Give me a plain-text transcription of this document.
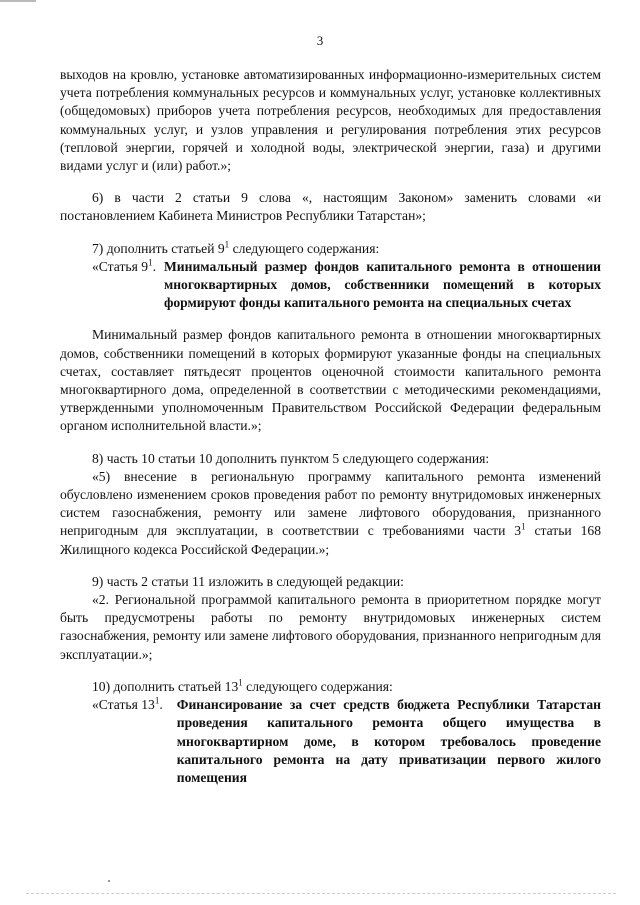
3

выходов на кровлю, установке автоматизированных информационно-измерительных систем учета потребления коммунальных ресурсов и коммунальных услуг, установке коллективных (общедомовых) приборов учета потребления ресурсов, необходимых для предоставления коммунальных услуг, и узлов управления и регулирования потребления этих ресурсов (тепловой энергии, горячей и холодной воды, электрической энергии, газа) и другими видами услуг и (или) работ.»;

6) в части 2 статьи 9 слова «, настоящим Законом» заменить словами «и постановлением Кабинета Министров Республики Татарстан»;

7) дополнить статьей $9^1$ следующего содержания:

«Статья $9^1$. Минимальный размер фондов капитального ремонта в отношении многоквартирных домов, собственники помещений в которых формируют фонды капитального ремонта на специальных счетах

Минимальный размер фондов капитального ремонта в отношении многоквартирных домов, собственники помещений в которых формируют указанные фонды на специальных счетах, составляет пятьдесят процентов оценочной стоимости капитального ремонта многоквартирного дома, определенной в соответствии с методическими рекомендациями, утвержденными уполномоченным Правительством Российской Федерации федеральным органом исполнительной власти.»;

8) часть 10 статьи 10 дополнить пунктом 5 следующего содержания:

«5) внесение в региональную программу капитального ремонта изменений обусловлено изменением сроков проведения работ по ремонту внутридомовых инженерных систем газоснабжения, ремонту или замене лифтового оборудования, признанного непригодным для эксплуатации, в соответствии с требованиями части $3^1$ статьи 168 Жилищного кодекса Российской Федерации.»;

9) часть 2 статьи 11 изложить в следующей редакции:

«2. Региональной программой капитального ремонта в приоритетном порядке могут быть предусмотрены работы по ремонту внутридомовых инженерных систем газоснабжения, ремонту или замене лифтового оборудования, признанного непригодным для эксплуатации.»;

10) дополнить статьей $13^1$ следующего содержания:

«Статья $13^1$.	Финансирование за счет средств бюджета Республики Татарстан проведения капитального ремонта общего имущества в многоквартирном доме, в котором требовалось проведение капитального ремонта на дату приватизации первого жилого помещения
